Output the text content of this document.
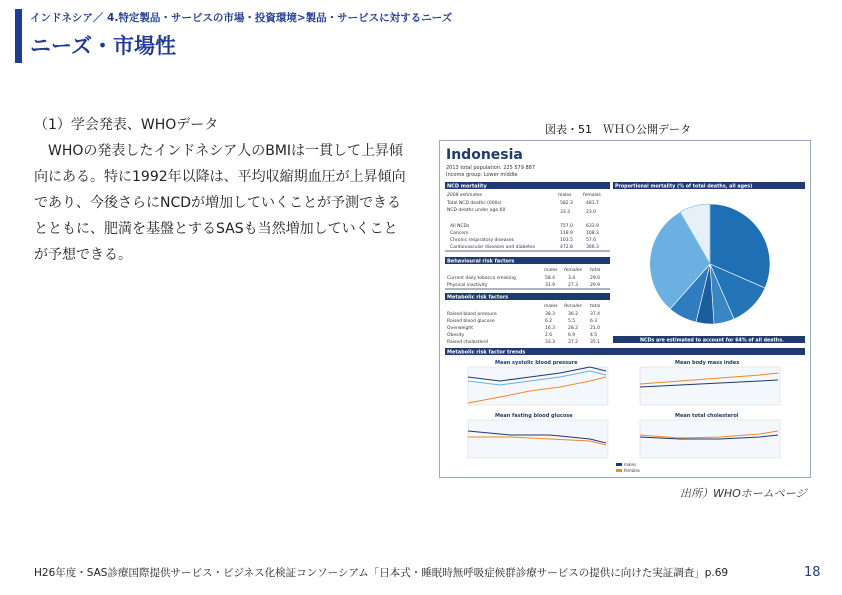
インドネシア／ 4.特定製品・サービスの市場・投資環境>製品・サービスに対するニーズ
ニーズ・市場性
（1）学会発表、WHOデータ
　WHOの発表したインドネシア人のBMIは一貫して上昇傾向にある。特に1992年以降は、平均収縮期血圧が上昇傾向であり、今後さらにNCDが増加していくことが予測できるとともに、肥満を基盤とするSASも当然増加していくことが予想できる。
図表・51　ＷＨＯ公開データ
Indonesia
2013 total population: 225 579 887
Income group: Lower middle
NCD mortality
2008 estimates	males	females
Total NCD deaths (000s)	582.3	481.7
NCD deaths under age 60	33.3	23.0
All NCDs	757.0	633.9
Cancers	118.9	108.3
Chronic respiratory diseases	103.5	57.6
Cardiovascular diseases and diabetes	472.8	366.3
Behavioural risk factors
males females total
Current daily tobacco smoking	58.4	3.4	29.0
Physical inactivity	31.9	27.3	29.9
Metabolic risk factors
males females total
Raised blood pressure	38.3	36.2	37.4
Raised blood glucose	6.2	5.5	6.3
Overweight	16.3	28.2	21.0
Obesity	2.6	6.9	4.5
Raised cholesterol	33.3	37.2	35.1
Proportional mortality (% of total deaths, all ages)
NCDs are estimated to account for 64% of all deaths.
Metabolic risk factor trends
Mean systolic blood pressure	Mean body mass index
Mean fasting blood glucose	Mean total cholesterol
males
females
出所）WHOホームページ
H26年度・SAS診療国際提供サービス・ビジネス化検証コンソーシアム「日本式・睡眠時無呼吸症候群診療サービスの提供に向けた実証調査」p.69	18
